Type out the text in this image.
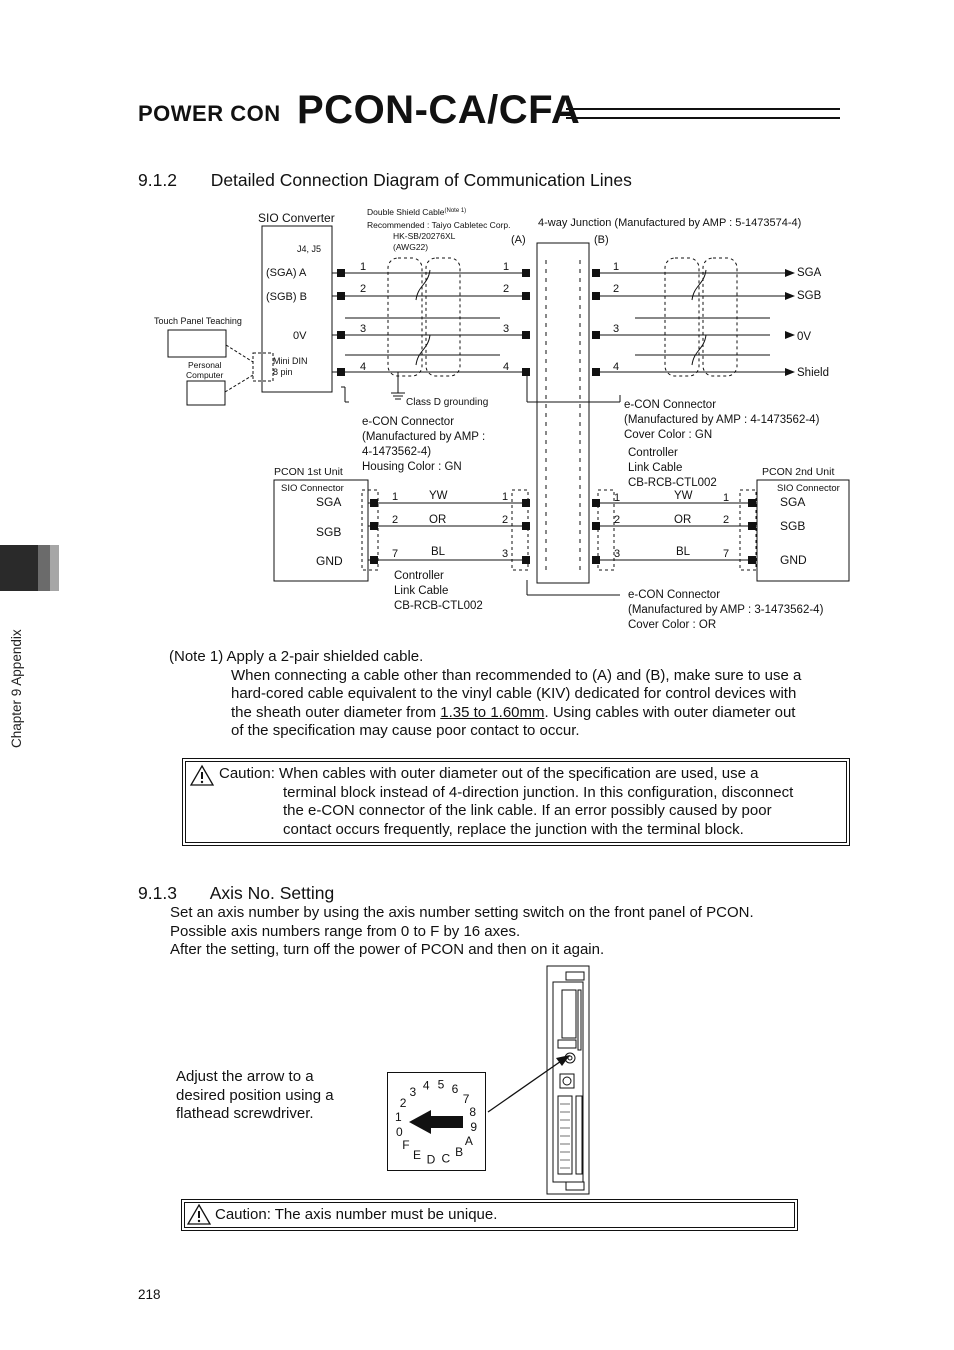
POWER CON PCON-CA/CFA
Chapter 9 Appendix
9.1.2 Detailed Connection Diagram of Communication Lines
SIO Converter
J4, J5
(SGA) A
(SGB) B
0V
Mini DIN
8 pin
Touch Panel Teaching
Personal
Computer
Double Shield Cable$^{(Note 1)}$
Recommended : Taiyo Cabletec Corp.
HK-SB/20276XL
(AWG22)
(A)	(B)
4-way Junction (Manufactured by AMP : 5-1473574-4)
1
2
3
4
1
2
3
4
1
2
3
4
SGA
SGB
0V
Shield
Class D grounding
e-CON Connector
(Manufactured by AMP :
4-1473562-4)
Housing Color : GN
e-CON Connector
(Manufactured by AMP : 4-1473562-4)
Cover Color : GN
Controller
Link Cable
CB-RCB-CTL002
PCON 1st Unit	PCON 2nd Unit
SIO Connector	SIO Connector
SGA
SGB
GND
SGA
SGB
GND
1
2
7
1
2
3
1
2
3
1
2
7
YW
OR
BL
YW
OR
BL
Controller
Link Cable
CB-RCB-CTL002
e-CON Connector
(Manufactured by AMP : 3-1473562-4)
Cover Color : OR
(Note 1) Apply a 2-pair shielded cable.
When connecting a cable other than recommended to (A) and (B), make sure to use a
hard-cored cable equivalent to the vinyl cable (KIV) dedicated for control devices with
the sheath outer diameter from 1.35 to 1.60mm. Using cables with outer diameter out
of the specification may cause poor contact to occur.
Caution: When cables with outer diameter out of the specification are used, use a
terminal block instead of 4-direction junction. In this configuration, disconnect
the e-CON connector of the link cable. If an error possibly caused by poor
contact occurs frequently, replace the junction with the terminal block.
9.1.3 Axis No. Setting
Set an axis number by using the axis number setting switch on the front panel of PCON.
Possible axis numbers range from 0 to F by 16 axes.
After the setting, turn off the power of PCON and then on it again.
Adjust the arrow to a
desired position using a
flathead screwdriver.
0
1
2
3 4 5 6
7
8
9
A
B
C
D
E
F
Caution: The axis number must be unique.
218
